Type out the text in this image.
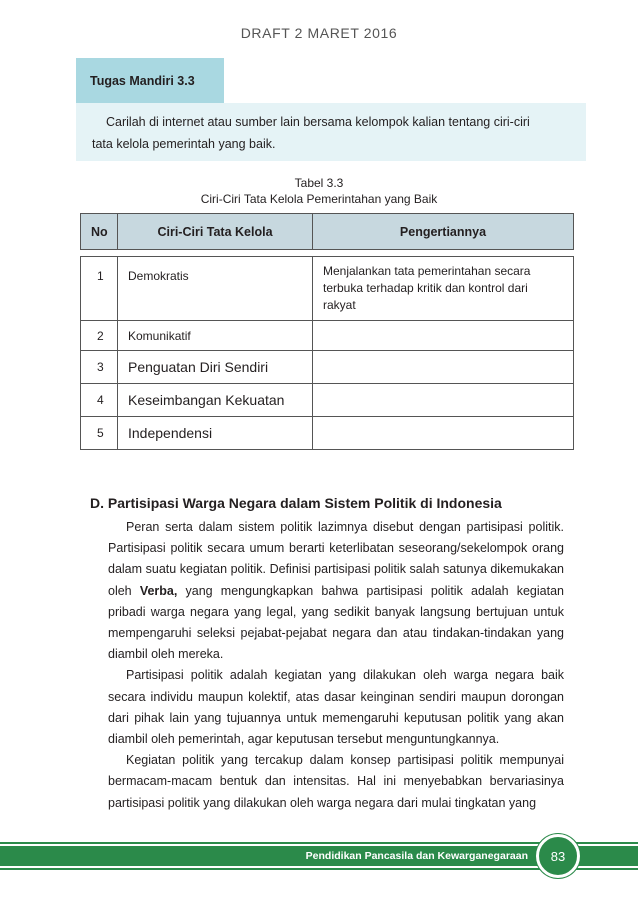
DRAFT 2 MARET 2016
Tugas Mandiri 3.3
Carilah di internet atau sumber lain bersama kelompok kalian tentang ciri-ciri
tata kelola pemerintah yang baik.
Tabel 3.3
Ciri-Ciri Tata Kelola Pemerintahan yang Baik
No	Ciri-Ciri Tata Kelola	Pengertiannya
1	Demokratis	Menjalankan tata pemerintahan secara terbuka terhadap kritik dan kontrol dari rakyat
2	Komunikatif
3	Penguatan Diri Sendiri
4	Keseimbangan Kekuatan
5	Independensi
D. Partisipasi Warga Negara dalam Sistem Politik di Indonesia

Peran serta dalam sistem politik lazimnya disebut dengan partisipasi politik. Partisipasi politik secara umum berarti keterlibatan seseorang/sekelompok orang dalam suatu kegiatan politik. Definisi partisipasi politik salah satunya dikemukakan oleh Verba, yang mengungkapkan bahwa partisipasi politik adalah kegiatan pribadi warga negara yang legal, yang sedikit banyak langsung bertujuan untuk mempengaruhi seleksi pejabat-pejabat negara dan atau tindakan-tindakan yang diambil oleh mereka.

Partisipasi politik adalah kegiatan yang dilakukan oleh warga negara baik secara individu maupun kolektif, atas dasar keinginan sendiri maupun dorongan dari pihak lain yang tujuannya untuk memengaruhi keputusan politik yang akan diambil oleh pemerintah, agar keputusan tersebut menguntungkannya.

Kegiatan politik yang tercakup dalam konsep partisipasi politik mempunyai bermacam-macam bentuk dan intensitas. Hal ini menyebabkan bervariasinya partisipasi politik yang dilakukan oleh warga negara dari mulai tingkatan yang

Pendidikan Pancasila dan Kewarganegaraan 83
